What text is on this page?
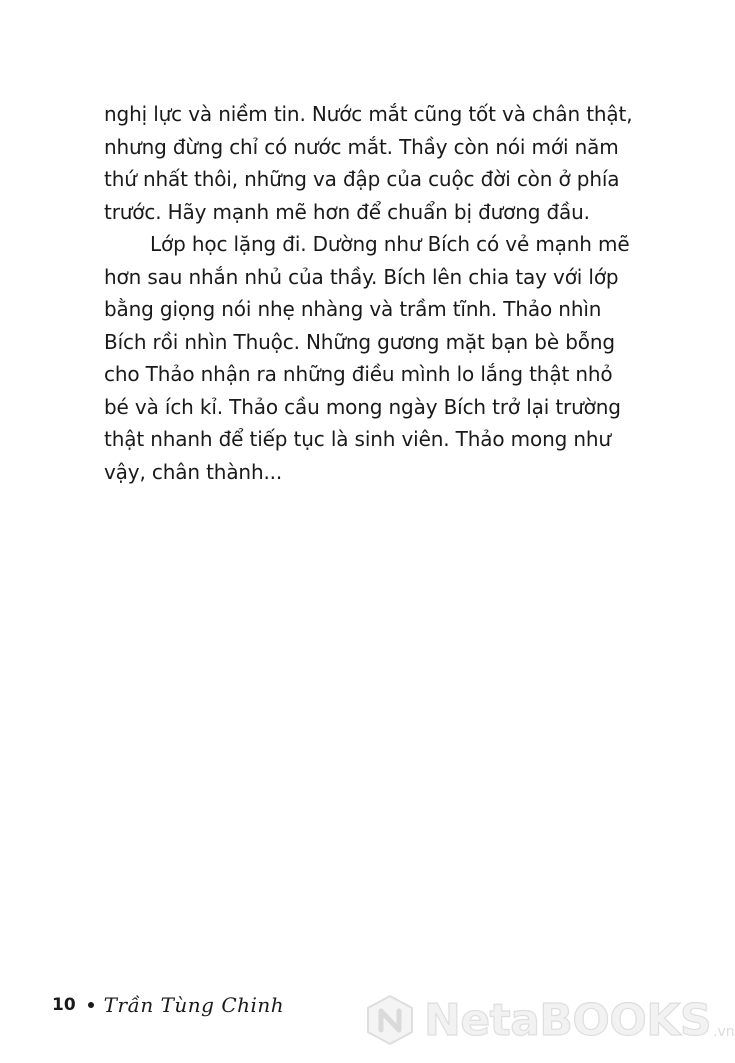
nghị lực và niềm tin. Nước mắt cũng tốt và chân thật,
nhưng đừng chỉ có nước mắt. Thầy còn nói mới năm
thứ nhất thôi, những va đập của cuộc đời còn ở phía
trước. Hãy mạnh mẽ hơn để chuẩn bị đương đầu.
Lớp học lặng đi. Dường như Bích có vẻ mạnh mẽ
hơn sau nhắn nhủ của thầy. Bích lên chia tay với lớp
bằng giọng nói nhẹ nhàng và trầm tĩnh. Thảo nhìn
Bích rồi nhìn Thuộc. Những gương mặt bạn bè bỗng
cho Thảo nhận ra những điều mình lo lắng thật nhỏ
bé và ích kỉ. Thảo cầu mong ngày Bích trở lại trường
thật nhanh để tiếp tục là sinh viên. Thảo mong như
vậy, chân thành...
10 Trần Tùng Chinh	NetaBOOKS .vn
